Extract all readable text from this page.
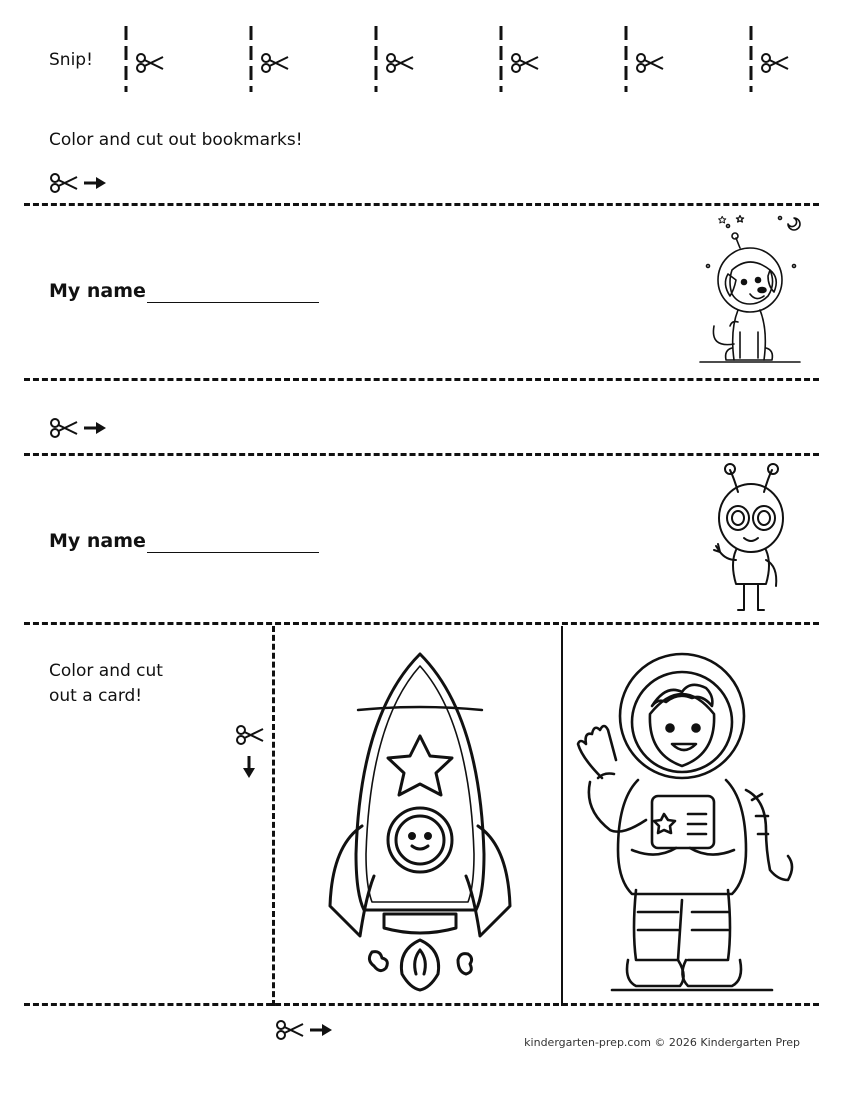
Snip!
Color and cut out bookmarks!
My name
My name
Color and cut
out a card!
kindergarten-prep.com © 2026 Kindergarten Prep
